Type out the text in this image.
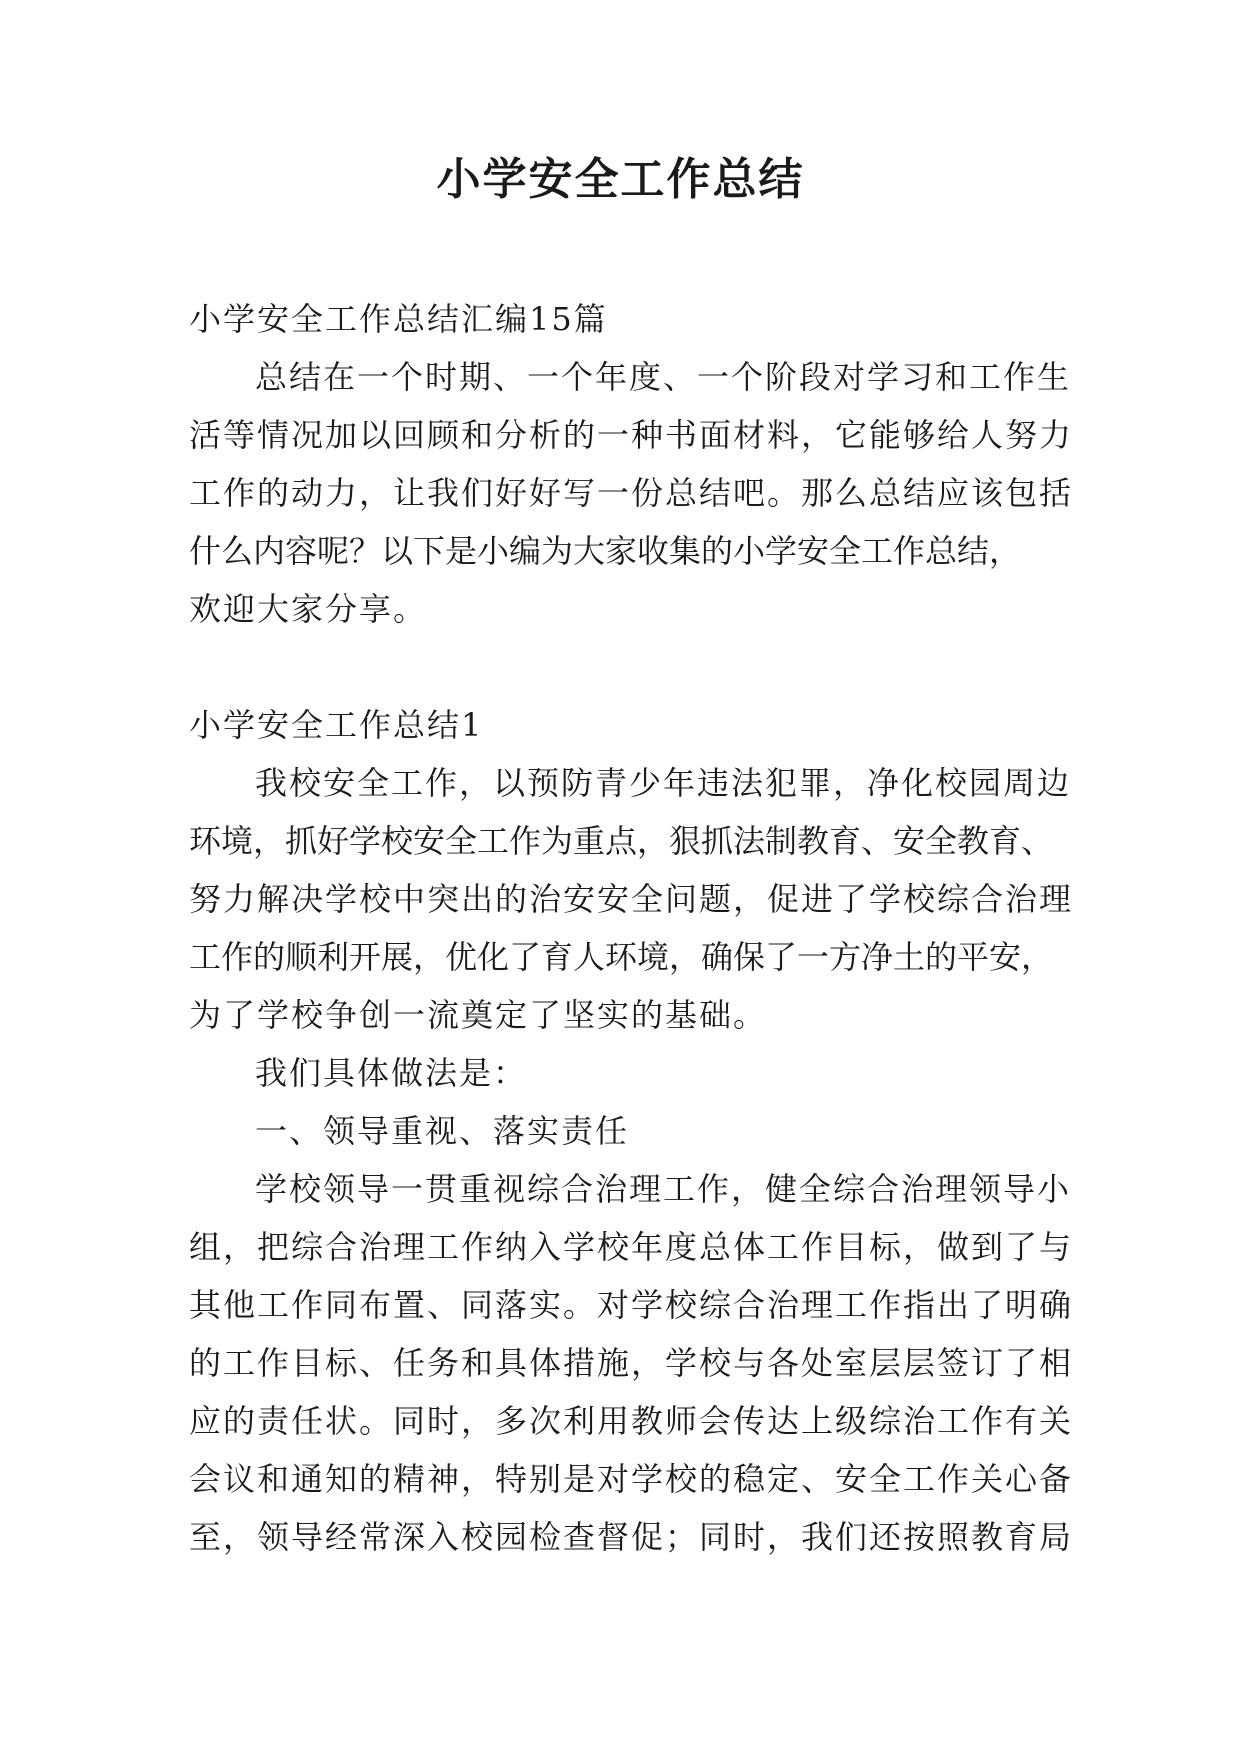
小学安全工作总结
小学安全工作总结汇编15篇
总结在一个时期、一个年度、一个阶段对学习和工作生
活等情况加以回顾和分析的一种书面材料，它能够给人努力
工作的动力，让我们好好写一份总结吧。那么总结应该包括
什么内容呢？以下是小编为大家收集的小学安全工作总结，
欢迎大家分享。
小学安全工作总结1
我校安全工作，以预防青少年违法犯罪，净化校园周边
环境，抓好学校安全工作为重点，狠抓法制教育、安全教育、
努力解决学校中突出的治安安全问题，促进了学校综合治理
工作的顺利开展，优化了育人环境，确保了一方净土的平安，
为了学校争创一流奠定了坚实的基础。
我们具体做法是：
一、领导重视、落实责任
学校领导一贯重视综合治理工作，健全综合治理领导小
组，把综合治理工作纳入学校年度总体工作目标，做到了与
其他工作同布置、同落实。对学校综合治理工作指出了明确
的工作目标、任务和具体措施，学校与各处室层层签订了相
应的责任状。同时，多次利用教师会传达上级综治工作有关
会议和通知的精神，特别是对学校的稳定、安全工作关心备
至，领导经常深入校园检查督促；同时，我们还按照教育局
